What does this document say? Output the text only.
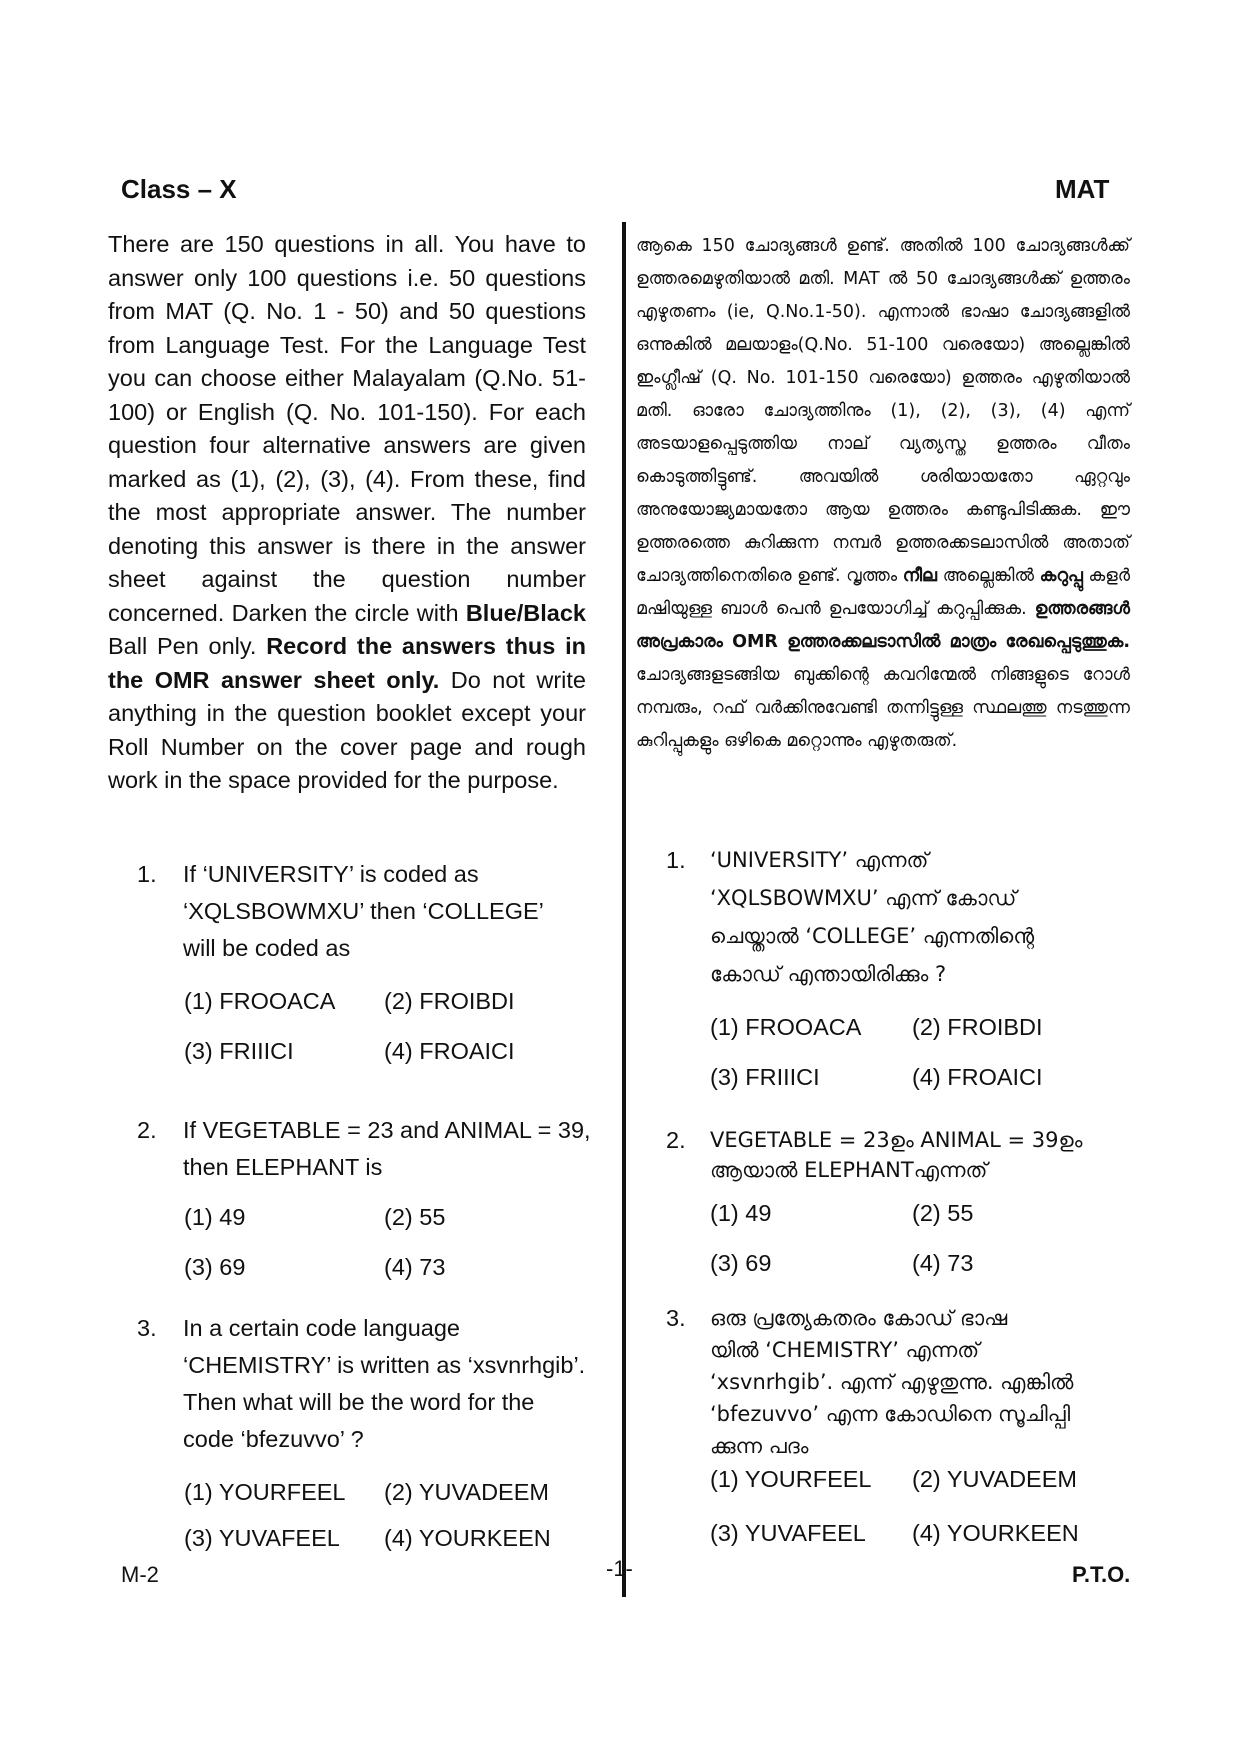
Class – X	MAT
There are 150 questions in all. You have to answer only 100 questions i.e. 50 questions from MAT (Q. No. 1 - 50) and 50 questions from Language Test. For the Language Test you can choose either Malayalam (Q.No. 51-100) or English (Q. No. 101-150). For each question four alternative answers are given marked as (1), (2), (3), (4). From these, find the most appropriate answer. The number denoting this answer is there in the answer sheet against the question number concerned. Darken the circle with Blue/Black Ball Pen only. Record the answers thus in the OMR answer sheet only. Do not write anything in the question booklet except your Roll Number on the cover page and rough work in the space provided for the purpose.
ആകെ 150 ചോദ്യങ്ങൾ ഉണ്ട്. അതിൽ 100 ചോദ്യങ്ങൾക്ക് ഉത്തരമെഴുതിയാൽ മതി. MAT ൽ 50 ചോദ്യങ്ങൾക്ക് ഉത്തരം എഴുതണം (ie, Q.No.1-50). എന്നാൽ ഭാഷാ ചോദ്യങ്ങളിൽ ഒന്നുകിൽ മലയാളം(Q.No. 51-100 വരെയോ) അല്ലെങ്കിൽ ഇംഗ്ലീഷ് (Q. No. 101-150 വരെയോ) ഉത്തരം എഴുതിയാൽ മതി. ഓരോ ചോദ്യത്തിനും (1), (2), (3), (4) എന്ന് അടയാളപ്പെടുത്തിയ നാല് വ്യത്യസ്ത ഉത്തരം വീതം കൊടുത്തിട്ടുണ്ട്. അവയിൽ ശരിയായതോ ഏറ്റവും അനുയോജ്യമായതോ ആയ ഉത്തരം കണ്ടുപിടിക്കുക. ഈ ഉത്തരത്തെ കുറിക്കുന്ന നമ്പർ ഉത്തരക്കടലാസിൽ അതാത് ചോദ്യത്തിനെതിരെ ഉണ്ട്. വൃത്തം നീല അല്ലെങ്കിൽ കറുപ്പു കളർ മഷിയുള്ള ബാൾ പെൻ ഉപയോഗിച്ച് കറുപ്പിക്കുക. ഉത്തരങ്ങൾ അപ്രകാരം OMR ഉത്തരക്കലടാസിൽ മാത്രം രേഖപ്പെടുത്തുക. ചോദ്യങ്ങളടങ്ങിയ ബുക്കിന്റെ കവറിന്മേൽ നിങ്ങളുടെ റോൾ നമ്പരും, റഫ് വർക്കിനുവേണ്ടി തന്നിട്ടുള്ള സ്ഥലത്തു നടത്തുന്ന കുറിപ്പുകളും ഒഴികെ മറ്റൊന്നും എഴുതരുത്.
1.	If ‘UNIVERSITY’ is coded as
‘XQLSBOWMXU’ then ‘COLLEGE’
will be coded as
(1) FROOACA (2) FROIBDI
(3) FRIIICI	(4) FROAICI
2.	If VEGETABLE = 23 and ANIMAL = 39,
then ELEPHANT is
(1) 49	(2) 55
(3) 69	(4) 73
3.	In a certain code language
‘CHEMISTRY’ is written as ‘xsvnrhgib’.
Then what will be the word for the
code ‘bfezuvvo’ ?
(1) YOURFEEL (2) YUVADEEM
(3) YUVAFEEL (4) YOURKEEN
1.	‘UNIVERSITY’ എന്നത്
‘XQLSBOWMXU’ എന്ന് കോഡ്
ചെയ്താൽ ‘COLLEGE’ എന്നതിന്റെ
കോഡ് എന്തായിരിക്കും ?
(1) FROOACA (2) FROIBDI
(3) FRIIICI	(4) FROAICI
2.	VEGETABLE = 23ഉം ANIMAL = 39ഉം
ആയാൽ ELEPHANTഎന്നത്
(1) 49	(2) 55
(3) 69	(4) 73
3.	ഒരു പ്രത്യേകതരം കോഡ് ഭാഷ
യിൽ ‘CHEMISTRY’ എന്നത്
‘xsvnrhgib’. എന്ന് എഴുതുന്നു. എങ്കിൽ
‘bfezuvvo’ എന്ന കോഡിനെ സൂചിപ്പി
ക്കുന്ന പദം
(1) YOURFEEL (2) YUVADEEM
(3) YUVAFEEL (4) YOURKEEN
M-2	-1-	P.T.O.
